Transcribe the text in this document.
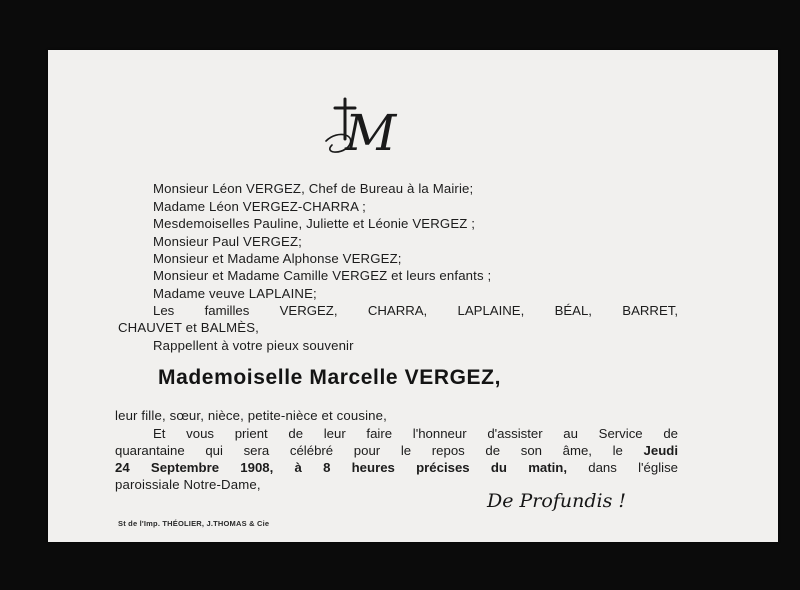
M
Monsieur Léon VERGEZ, Chef de Bureau à la Mairie;
Madame Léon VERGEZ-CHARRA ;
Mesdemoiselles Pauline, Juliette et Léonie VERGEZ ;
Monsieur Paul VERGEZ;
Monsieur et Madame Alphonse VERGEZ;
Monsieur et Madame Camille VERGEZ et leurs enfants ;
Madame veuve LAPLAINE;
Les familles VERGEZ, CHARRA, LAPLAINE, BÉAL, BARRET,
CHAUVET et BALMÈS,
Rappellent à votre pieux souvenir
Mademoiselle Marcelle VERGEZ,
leur fille, sœur, nièce, petite-nièce et cousine,
Et vous prient de leur faire l'honneur d'assister au Service de
quarantaine qui sera célébré pour le repos de son âme, le Jeudi
24 Septembre 1908, à 8 heures précises du matin, dans l'église
paroissiale Notre-Dame,
De Profundis !
St de l'Imp. THÉOLIER, J.THOMAS & Cie
